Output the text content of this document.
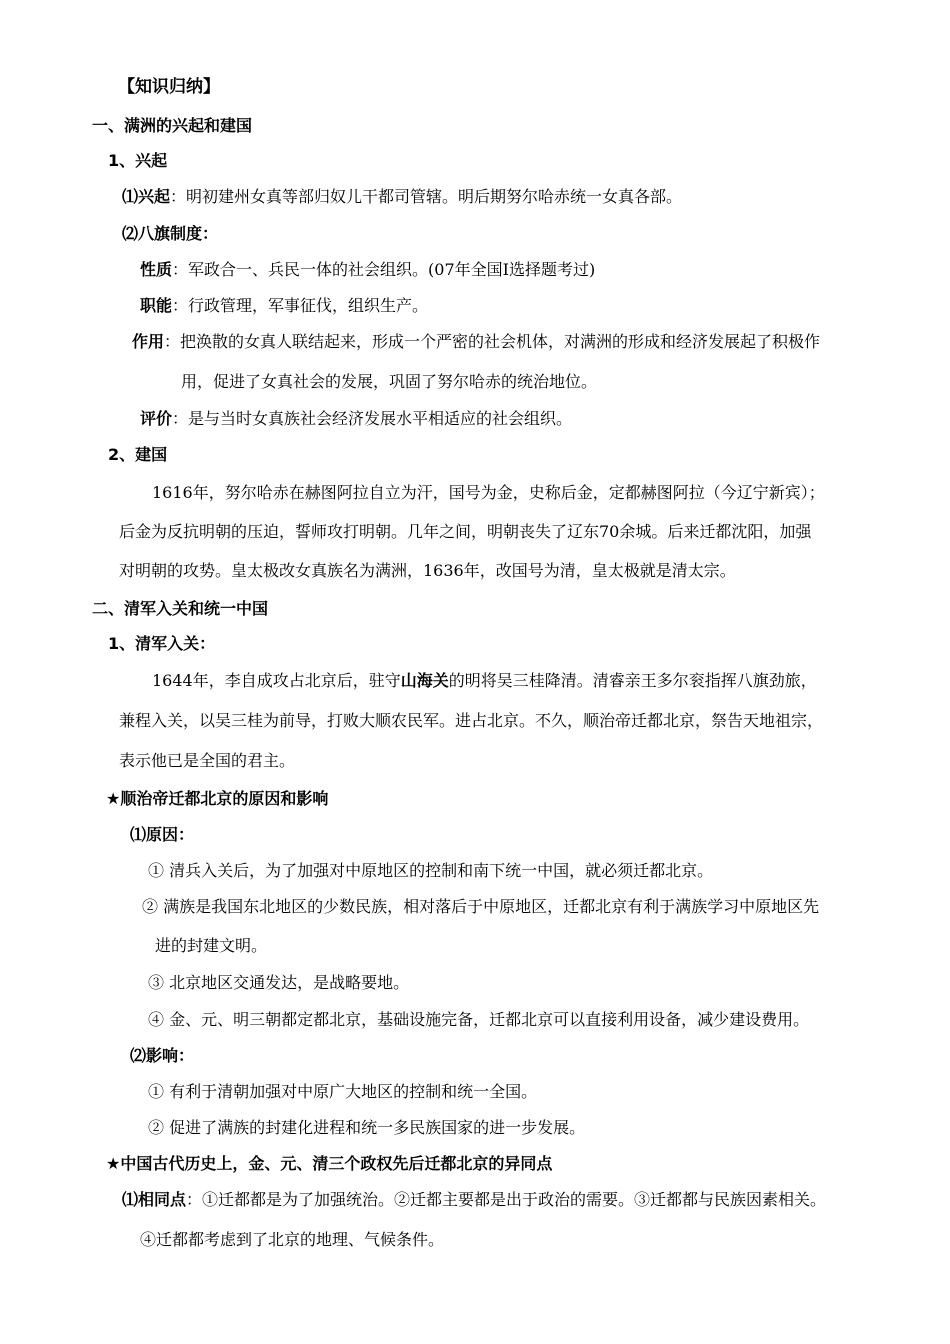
【知识归纳】
一、满洲的兴起和建国
1、兴起
⑴兴起：明初建州女真等部归奴儿干都司管辖。明后期努尔哈赤统一女真各部。
⑵八旗制度：
性质：军政合一、兵民一体的社会组织。(07年全国Ⅰ选择题考过)
职能：行政管理，军事征伐，组织生产。
作用：把涣散的女真人联结起来，形成一个严密的社会机体，对满洲的形成和经济发展起了积极作
用，促进了女真社会的发展，巩固了努尔哈赤的统治地位。
评价：是与当时女真族社会经济发展水平相适应的社会组织。
2、建国
1616年，努尔哈赤在赫图阿拉自立为汗，国号为金，史称后金，定都赫图阿拉（今辽宁新宾）；
后金为反抗明朝的压迫，誓师攻打明朝。几年之间，明朝丧失了辽东70余城。后来迁都沈阳，加强
对明朝的攻势。皇太极改女真族名为满洲，1636年，改国号为清，皇太极就是清太宗。
二、清军入关和统一中国
1、清军入关：
1644年，李自成攻占北京后，驻守山海关的明将吴三桂降清。清睿亲王多尔衮指挥八旗劲旅，
兼程入关，以吴三桂为前导，打败大顺农民军。进占北京。不久，顺治帝迁都北京，祭告天地祖宗，
表示他已是全国的君主。
★顺治帝迁都北京的原因和影响
⑴原因：
① 清兵入关后，为了加强对中原地区的控制和南下统一中国，就必须迁都北京。
② 满族是我国东北地区的少数民族，相对落后于中原地区，迁都北京有利于满族学习中原地区先
进的封建文明。
③ 北京地区交通发达，是战略要地。
④ 金、元、明三朝都定都北京，基础设施完备，迁都北京可以直接利用设备，减少建设费用。
⑵影响：
① 有利于清朝加强对中原广大地区的控制和统一全国。
② 促进了满族的封建化进程和统一多民族国家的进一步发展。
★中国古代历史上，金、元、清三个政权先后迁都北京的异同点
⑴相同点：①迁都都是为了加强统治。②迁都主要都是出于政治的需要。③迁都都与民族因素相关。
④迁都都考虑到了北京的地理、气候条件。
